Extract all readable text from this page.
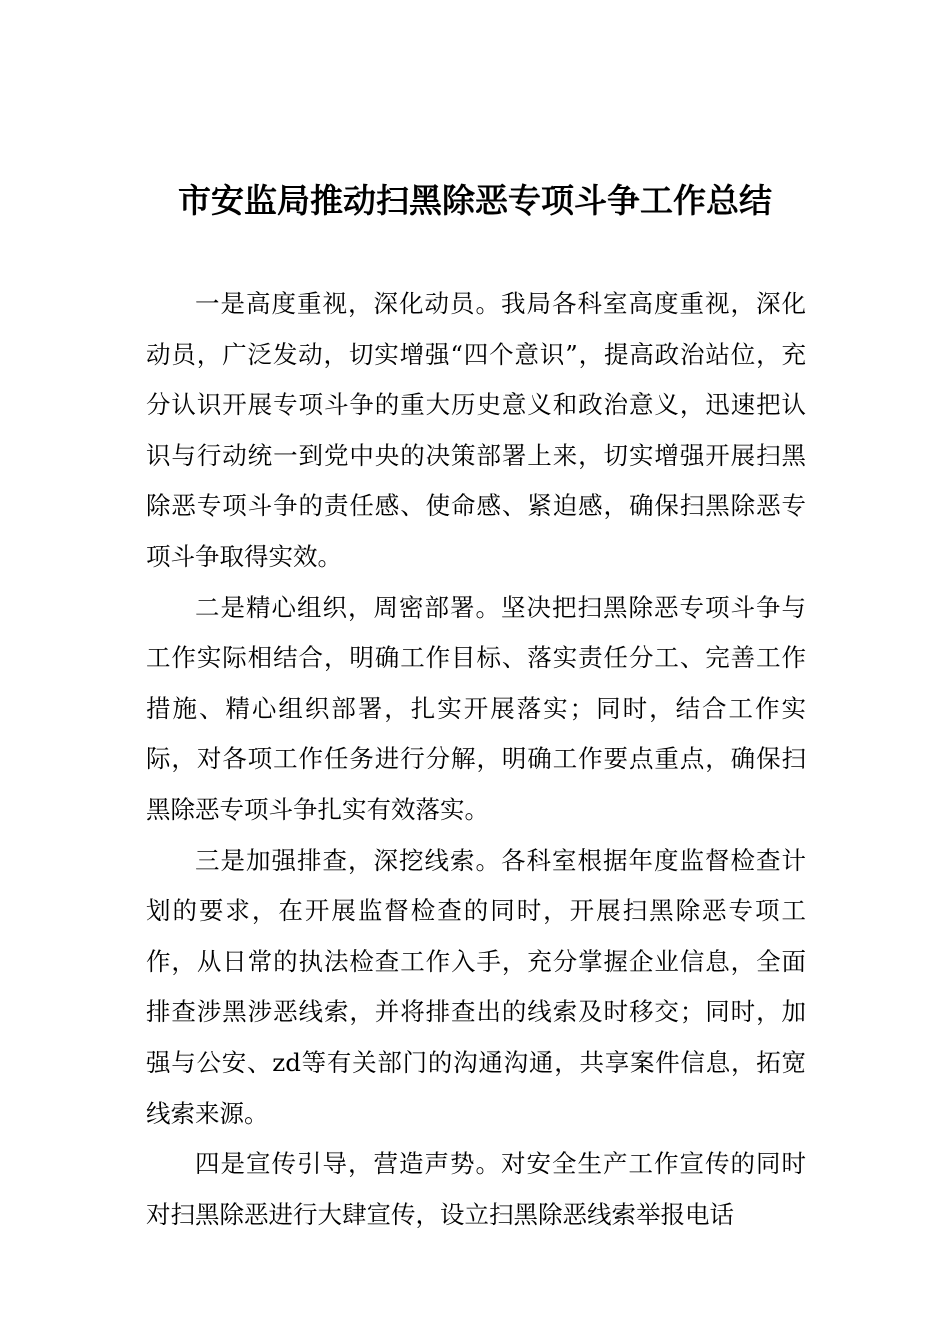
市安监局推动扫黑除恶专项斗争工作总结

一是高度重视，深化动员。我局各科室高度重视，深化动员，广泛发动，切实增强“四个意识”，提高政治站位，充分认识开展专项斗争的重大历史意义和政治意义，迅速把认识与行动统一到党中央的决策部署上来，切实增强开展扫黑除恶专项斗争的责任感、使命感、紧迫感，确保扫黑除恶专项斗争取得实效。

二是精心组织，周密部署。坚决把扫黑除恶专项斗争与工作实际相结合，明确工作目标、落实责任分工、完善工作措施、精心组织部署，扎实开展落实；同时，结合工作实际，对各项工作任务进行分解，明确工作要点重点，确保扫黑除恶专项斗争扎实有效落实。

三是加强排查，深挖线索。各科室根据年度监督检查计划的要求，在开展监督检查的同时，开展扫黑除恶专项工作，从日常的执法检查工作入手，充分掌握企业信息，全面排查涉黑涉恶线索，并将排查出的线索及时移交；同时，加强与公安、zd等有关部门的沟通沟通，共享案件信息，拓宽线索来源。

四是宣传引导，营造声势。对安全生产工作宣传的同时对扫黑除恶进行大肆宣传，设立扫黑除恶线索举报电话
